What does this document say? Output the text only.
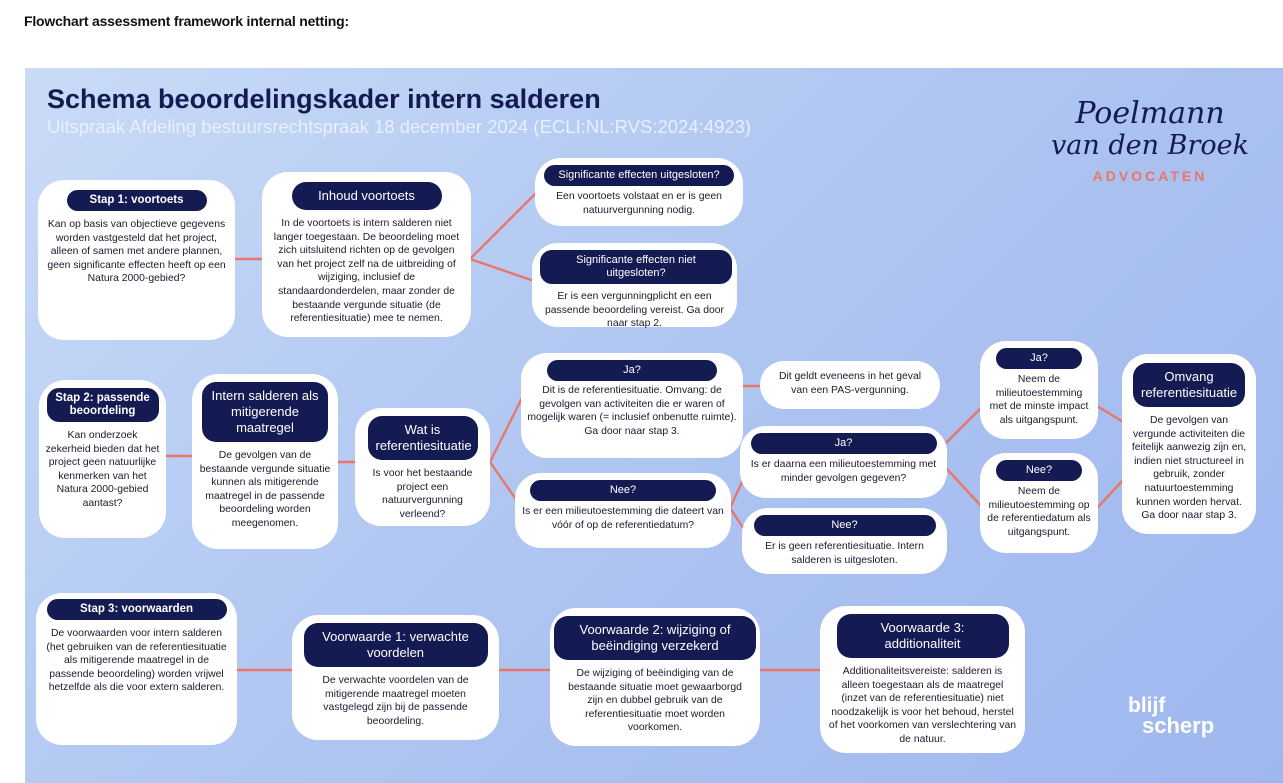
Flowchart assessment framework internal netting:
Schema beoordelingskader intern salderen
Uitspraak Afdeling bestuursrechtspraak 18 december 2024 (ECLI:NL:RVS:2024:4923)	Poelmann
van den Broek
ADVOCATEN
Stap 1: voortoets
Kan op basis van objectieve gegevens worden vastgesteld dat het project, alleen of samen met andere plannen, geen significante effecten heeft op een Natura 2000-gebied?
Inhoud voortoets
In de voortoets is intern salderen niet langer toegestaan. De beoordeling moet zich uitsluitend richten op de gevolgen van het project zelf na de uitbreiding of wijziging, inclusief de standaardonderdelen, maar zonder de bestaande vergunde situatie (de referentiesituatie) mee te nemen.
Significante effecten uitgesloten?
Een voortoets volstaat en er is geen natuurvergunning nodig.
Significante effecten niet uitgesloten?
Er is een vergunningplicht en een passende beoordeling vereist. Ga door naar stap 2.
Stap 2: passende beoordeling
Kan onderzoek zekerheid bieden dat het project geen natuurlijke kenmerken van het Natura 2000-gebied aantast?
Intern salderen als mitigerende maatregel
De gevolgen van de bestaande vergunde situatie kunnen als mitigerende maatregel in de passende beoordeling worden meegenomen.
Wat is referentiesituatie
Is voor het bestaande project een natuurvergunning verleend?
Ja?
Dit is de referentiesituatie. Omvang: de gevolgen van activiteiten die er waren of mogelijk waren (= inclusief onbenutte ruimte). Ga door naar stap 3.
Dit geldt eveneens in het geval van een PAS-vergunning.
Nee?
Is er een milieutoestemming die dateert van vóór of op de referentiedatum?
Ja?
Is er daarna een milieutoestemming met minder gevolgen gegeven?
Nee?
Er is geen referentiesituatie. Intern salderen is uitgesloten.
Ja?
Neem de milieutoestemming met de minste impact als uitgangspunt.
Nee?
Neem de milieutoestemming op de referentiedatum als uitgangspunt.
Omvang referentiesituatie
De gevolgen van vergunde activiteiten die feitelijk aanwezig zijn en, indien niet structureel in gebruik, zonder natuurtoestemming kunnen worden hervat. Ga door naar stap 3.
Stap 3: voorwaarden
De voorwaarden voor intern salderen (het gebruiken van de referentiesituatie als mitigerende maatregel in de passende beoordeling) worden vrijwel hetzelfde als die voor extern salderen.
Voorwaarde 1: verwachte voordelen
De verwachte voordelen van de mitigerende maatregel moeten vastgelegd zijn bij de passende beoordeling.
Voorwaarde 2: wijziging of beëindiging verzekerd
De wijziging of beëindiging van de bestaande situatie moet gewaarborgd zijn en dubbel gebruik van de referentiesituatie moet worden voorkomen.
Voorwaarde 3: additionaliteit
Additionaliteitsvereiste: salderen is alleen toegestaan als de maatregel (inzet van de referentiesituatie) niet noodzakelijk is voor het behoud, herstel of het voorkomen van verslechtering van de natuur.
blijf
scherp
